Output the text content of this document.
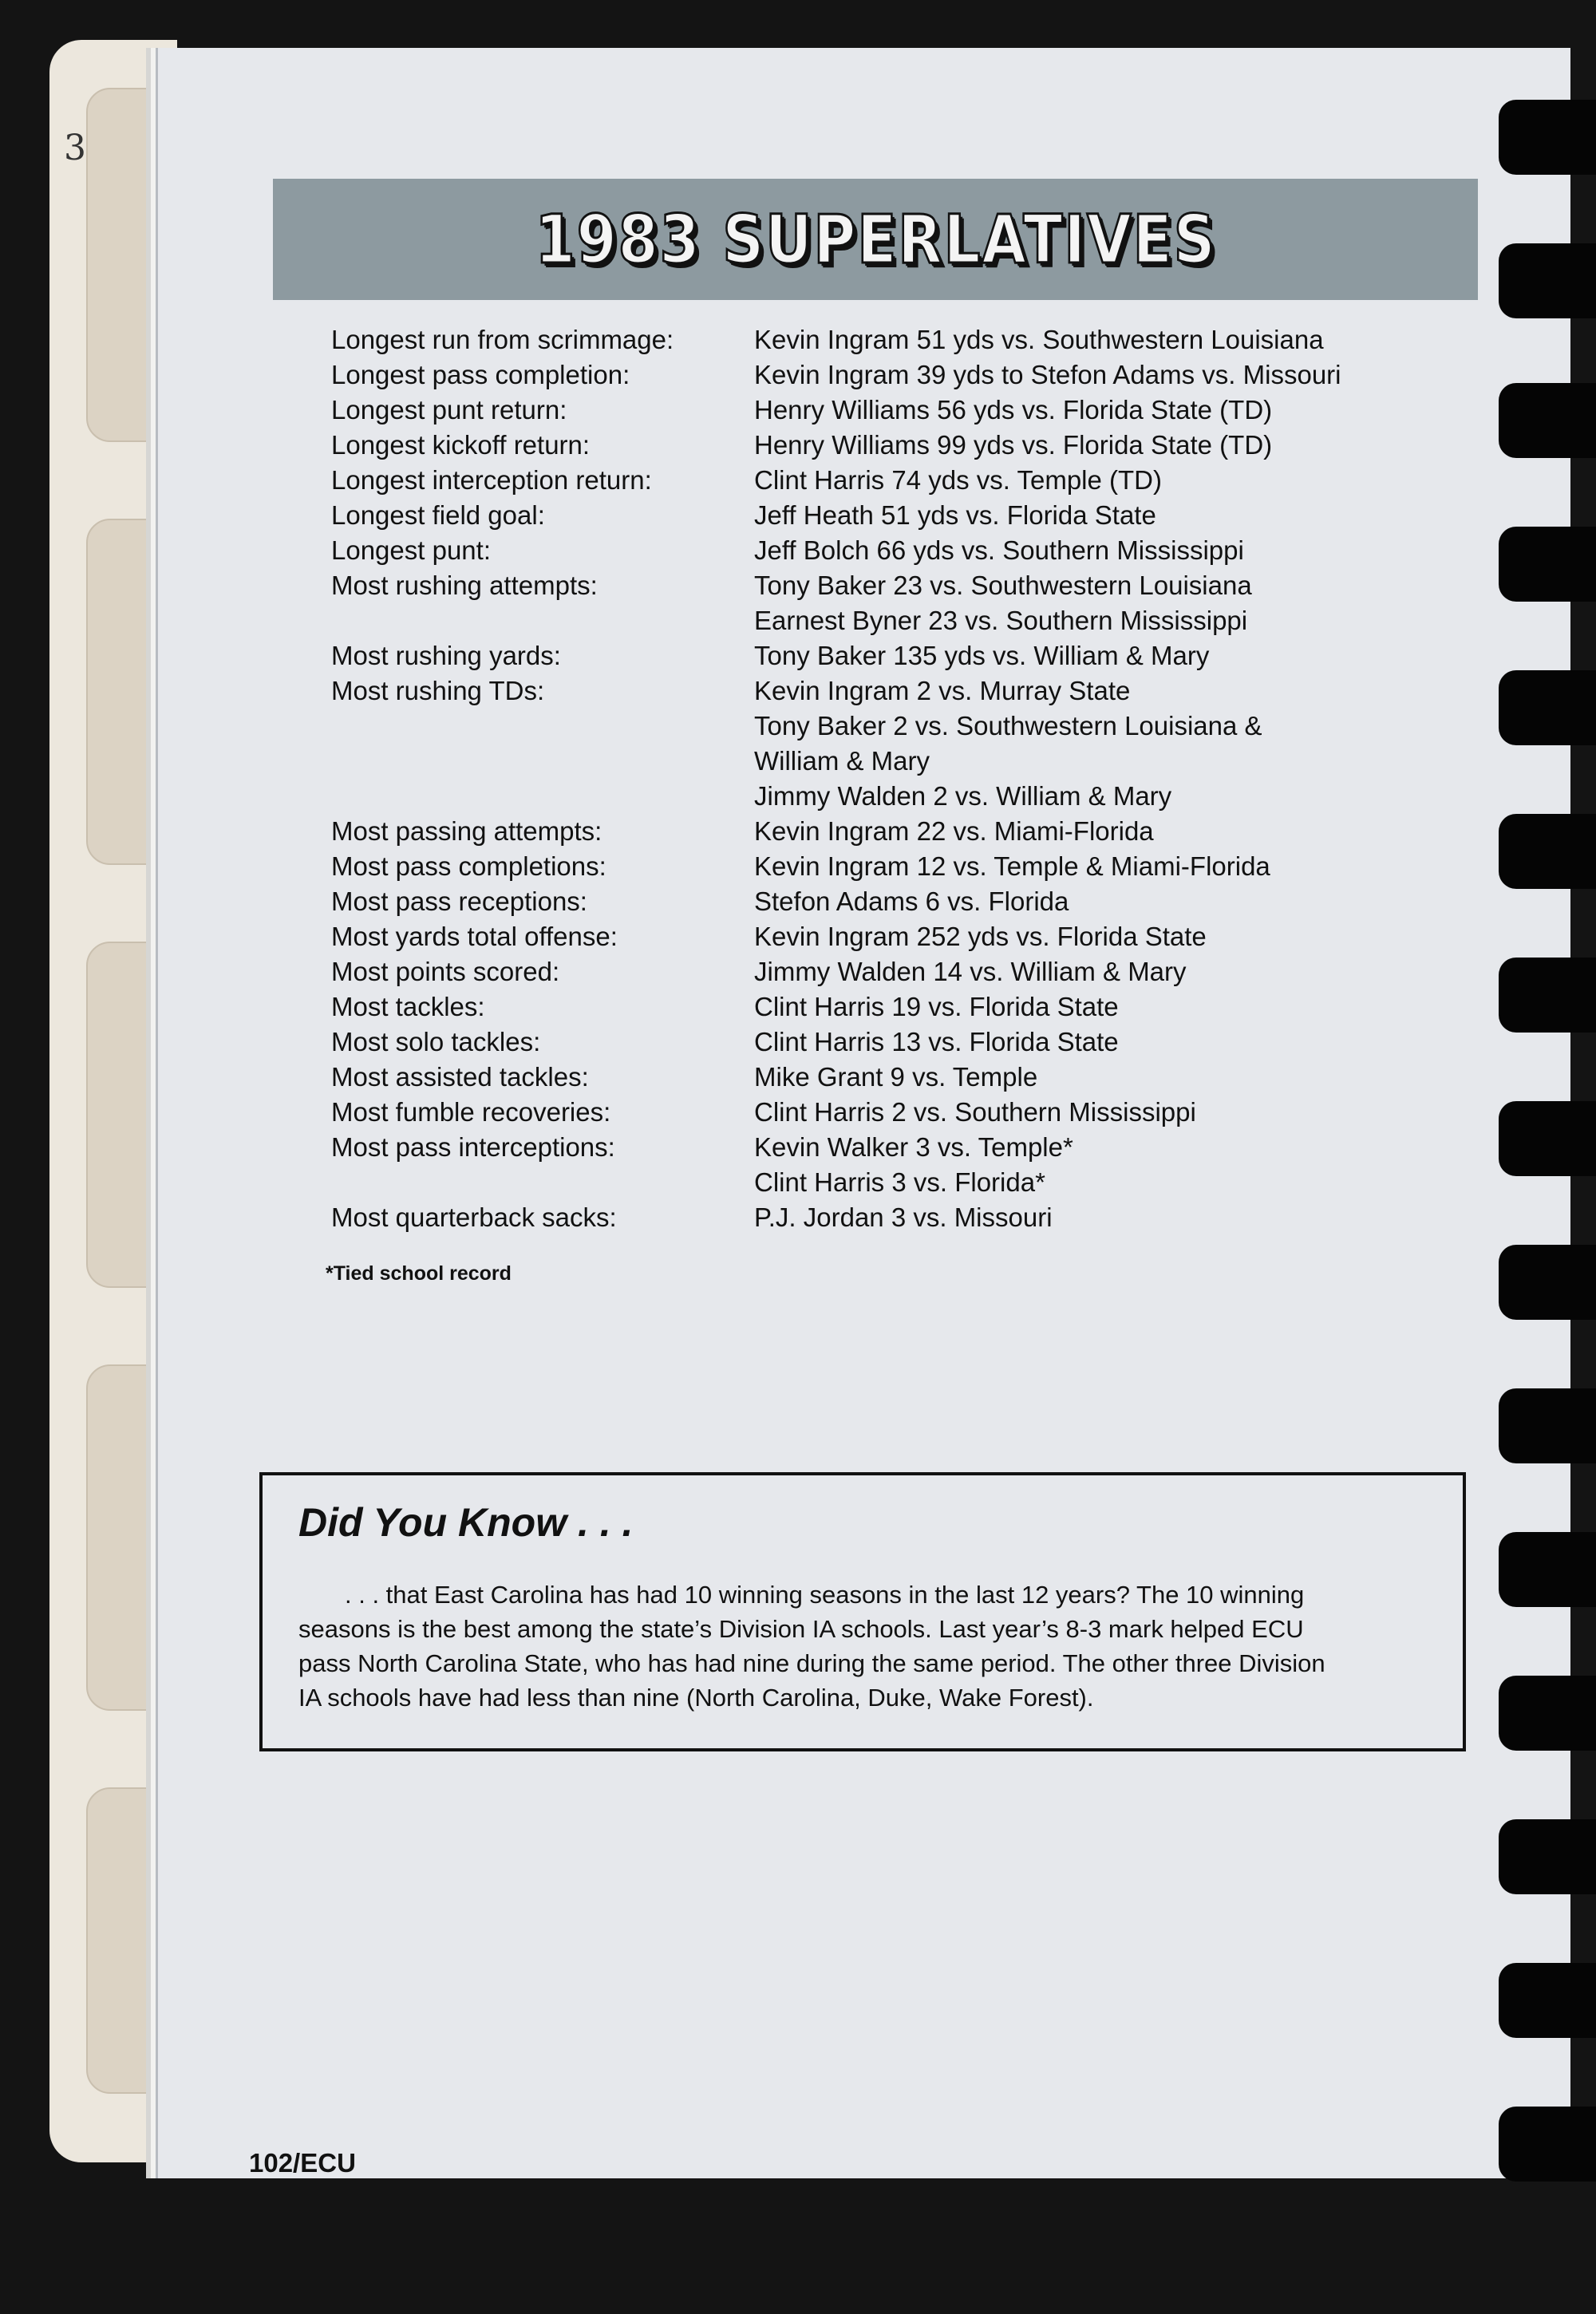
3
1983 SUPERLATIVES
Longest run from scrimmage:	Kevin Ingram 51 yds vs. Southwestern Louisiana
Longest pass completion:	Kevin Ingram 39 yds to Stefon Adams vs. Missouri
Longest punt return:	Henry Williams 56 yds vs. Florida State (TD)
Longest kickoff return:	Henry Williams 99 yds vs. Florida State (TD)
Longest interception return:	Clint Harris 74 yds vs. Temple (TD)
Longest field goal:	Jeff Heath 51 yds vs. Florida State
Longest punt:	Jeff Bolch 66 yds vs. Southern Mississippi
Most rushing attempts:	Tony Baker 23 vs. Southwestern Louisiana
Earnest Byner 23 vs. Southern Mississippi
Most rushing yards:	Tony Baker 135 yds vs. William & Mary
Most rushing TDs:	Kevin Ingram 2 vs. Murray State
Tony Baker 2 vs. Southwestern Louisiana &
William & Mary
Jimmy Walden 2 vs. William & Mary
Most passing attempts:	Kevin Ingram 22 vs. Miami-Florida
Most pass completions:	Kevin Ingram 12 vs. Temple & Miami-Florida
Most pass receptions:	Stefon Adams 6 vs. Florida
Most yards total offense:	Kevin Ingram 252 yds vs. Florida State
Most points scored:	Jimmy Walden 14 vs. William & Mary
Most tackles:	Clint Harris 19 vs. Florida State
Most solo tackles:	Clint Harris 13 vs. Florida State
Most assisted tackles:	Mike Grant 9 vs. Temple
Most fumble recoveries:	Clint Harris 2 vs. Southern Mississippi
Most pass interceptions:	Kevin Walker 3 vs. Temple*
Clint Harris 3 vs. Florida*
Most quarterback sacks:	P.J. Jordan 3 vs. Missouri
*Tied school record
Did You Know . . .

. . . that East Carolina has had 10 winning seasons in the last 12 years? The 10 winning

seasons is the best among the state’s Division IA schools. Last year’s 8-3 mark helped ECU

pass North Carolina State, who has had nine during the same period. The other three Division

IA schools have had less than nine (North Carolina, Duke, Wake Forest).

102/ECU
